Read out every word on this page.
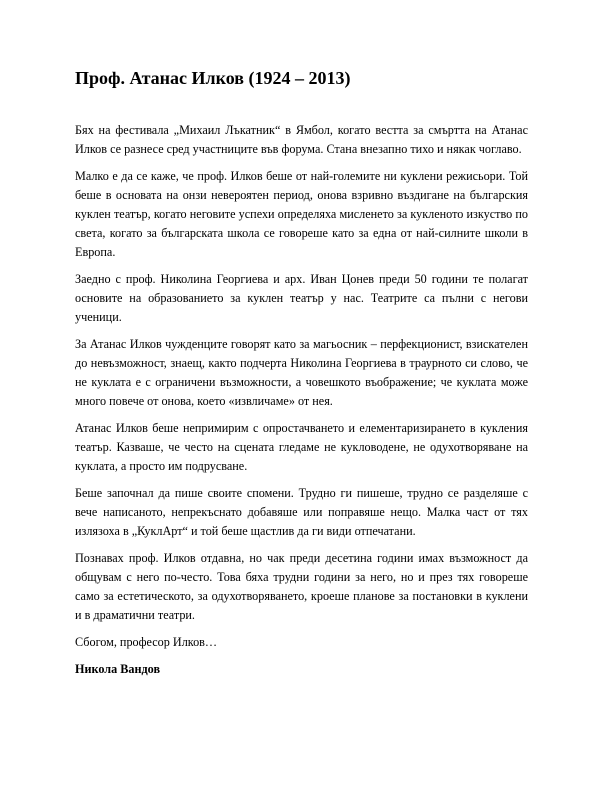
Проф. Атанас Илков (1924 – 2013)

Бях на фестивала „Михаил Лъкатник“ в Ямбол, когато вестта за смъртта на Атанас Илков се разнесе сред участниците във форума. Стана внезапно тихо и някак чоглаво.

Малко е да се каже, че проф. Илков беше от най-големите ни куклени режисьори. Той беше в основата на онзи невероятен период, онова взривно въздигане на българския куклен театър, когато неговите успехи определяха мисленето за кукленото изкуство по света, когато за българската школа се говореше като за една от най-силните школи в Европа.

Заедно с проф. Николина Георгиева и арх. Иван Цонев преди 50 години те полагат основите на образованието за куклен театър у нас. Театрите са пълни с негови ученици.

За Атанас Илков чужденците говорят като за магьосник – перфекционист, взискателен до невъзможност, знаещ, както подчерта Николина Георгиева в траурното си слово, че не куклата е с ограничени възможности, а човешкото въображение; че куклата може много повече от онова, което «извличаме» от нея.

Атанас Илков беше непримирим с опростачването и елементаризирането в кукления театър. Казваше, че често на сцената гледаме не кукловодене, не одухотворяване на куклата, а просто им подрусване.

Беше започнал да пише своите спомени. Трудно ги пишеше, трудно се разделяше с вече написаното, непрекъснато добавяше или поправяше нещо. Малка част от тях излязоха в „КуклАрт“ и той беше щастлив да ги види отпечатани.

Познавах проф. Илков отдавна, но чак преди десетина години имах възможност да общувам с него по-често. Това бяха трудни години за него, но и през тях говореше само за естетическото, за одухотворяването, кроеше планове за постановки в куклени и в драматични театри.

Сбогом, професор Илков…

Никола Вандов
